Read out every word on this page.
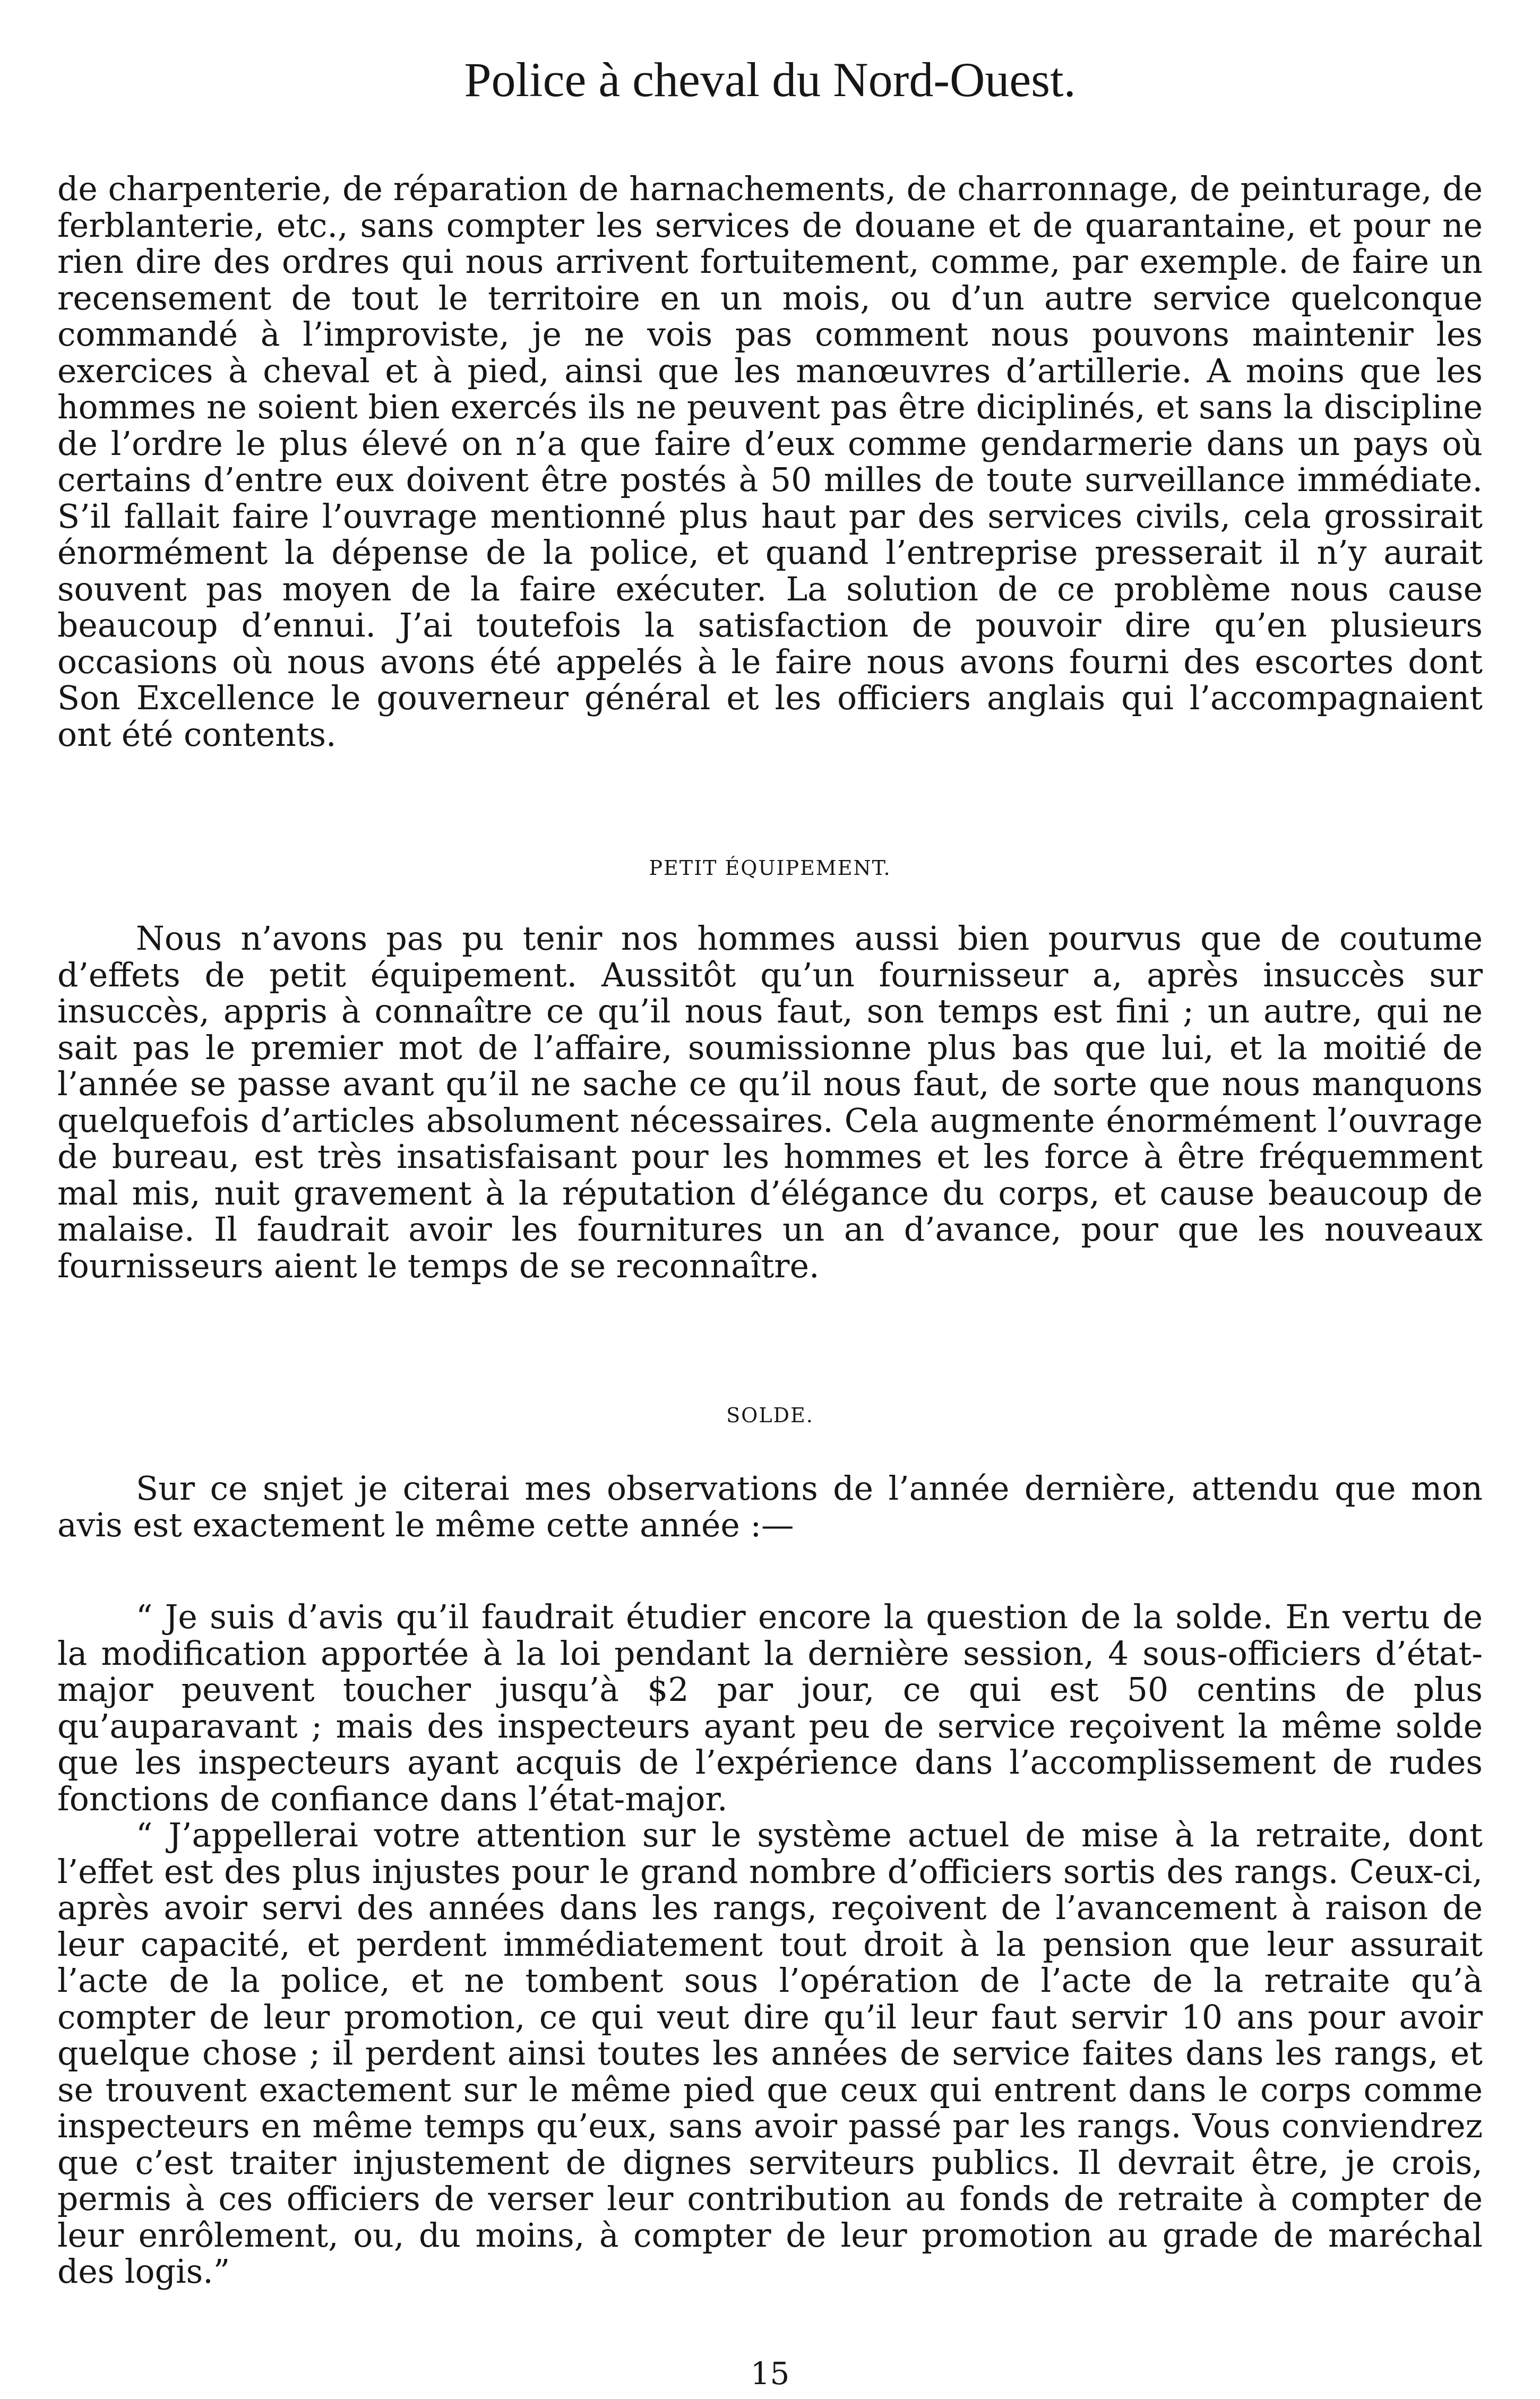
Police à cheval du Nord-Ouest.

de charpenterie, de réparation de harnachements, de charronnage, de peinturage, de ferblanterie, etc., sans compter les services de douane et de quarantaine, et pour ne rien dire des ordres qui nous arrivent fortuitement, comme, par exemple. de faire un recensement de tout le territoire en un mois, ou d’un autre service quelconque commandé à l’improviste, je ne vois pas comment nous pouvons maintenir les exercices à cheval et à pied, ainsi que les manœuvres d’artillerie. A moins que les hommes ne soient bien exercés ils ne peuvent pas être diciplinés, et sans la discipline de l’ordre le plus élevé on n’a que faire d’eux comme gendarmerie dans un pays où certains d’entre eux doivent être postés à 50 milles de toute surveillance immédiate. S’il fallait faire l’ouvrage mentionné plus haut par des services civils, cela grossirait énormément la dépense de la police, et quand l’entreprise presserait il n’y aurait souvent pas moyen de la faire exécuter. La solution de ce problème nous cause beaucoup d’ennui. J’ai toutefois la satisfaction de pouvoir dire qu’en plusieurs occasions où nous avons été appelés à le faire nous avons fourni des escortes dont Son Excellence le gouverneur général et les officiers anglais qui l’accompagnaient ont été contents.

PETIT ÉQUIPEMENT.

Nous n’avons pas pu tenir nos hommes aussi bien pourvus que de coutume d’effets de petit équipement. Aussitôt qu’un fournisseur a, après insuccès sur insuccès, appris à connaître ce qu’il nous faut, son temps est fini ; un autre, qui ne sait pas le premier mot de l’affaire, soumissionne plus bas que lui, et la moitié de l’année se passe avant qu’il ne sache ce qu’il nous faut, de sorte que nous manquons quelquefois d’articles absolument nécessaires. Cela augmente énormément l’ouvrage de bureau, est très insatisfaisant pour les hommes et les force à être fréquemment mal mis, nuit gravement à la réputation d’élégance du corps, et cause beaucoup de malaise. Il faudrait avoir les fournitures un an d’avance, pour que les nouveaux fournisseurs aient le temps de se reconnaître.

SOLDE.

Sur ce snjet je citerai mes observations de l’année dernière, attendu que mon avis est exactement le même cette année :—

“ Je suis d’avis qu’il faudrait étudier encore la question de la solde. En vertu de la modification apportée à la loi pendant la dernière session, 4 sous-officiers d’état-major peuvent toucher jusqu’à $2 par jour, ce qui est 50 centins de plus qu’auparavant ; mais des inspecteurs ayant peu de service reçoivent la même solde que les inspecteurs ayant acquis de l’expérience dans l’accomplissement de rudes fonctions de confiance dans l’état-major.

“ J’appellerai votre attention sur le système actuel de mise à la retraite, dont l’effet est des plus injustes pour le grand nombre d’officiers sortis des rangs. Ceux-ci, après avoir servi des années dans les rangs, reçoivent de l’avancement à raison de leur capacité, et perdent immédiatement tout droit à la pension que leur assurait l’acte de la police, et ne tombent sous l’opération de l’acte de la retraite qu’à compter de leur promotion, ce qui veut dire qu’il leur faut servir 10 ans pour avoir quelque chose ; il perdent ainsi toutes les années de service faites dans les rangs, et se trouvent exactement sur le même pied que ceux qui entrent dans le corps comme inspecteurs en même temps qu’eux, sans avoir passé par les rangs. Vous conviendrez que c’est traiter injustement de dignes serviteurs publics. Il devrait être, je crois, permis à ces officiers de verser leur contribution au fonds de retraite à compter de leur enrôlement, ou, du moins, à compter de leur promotion au grade de maréchal des logis.”

15
